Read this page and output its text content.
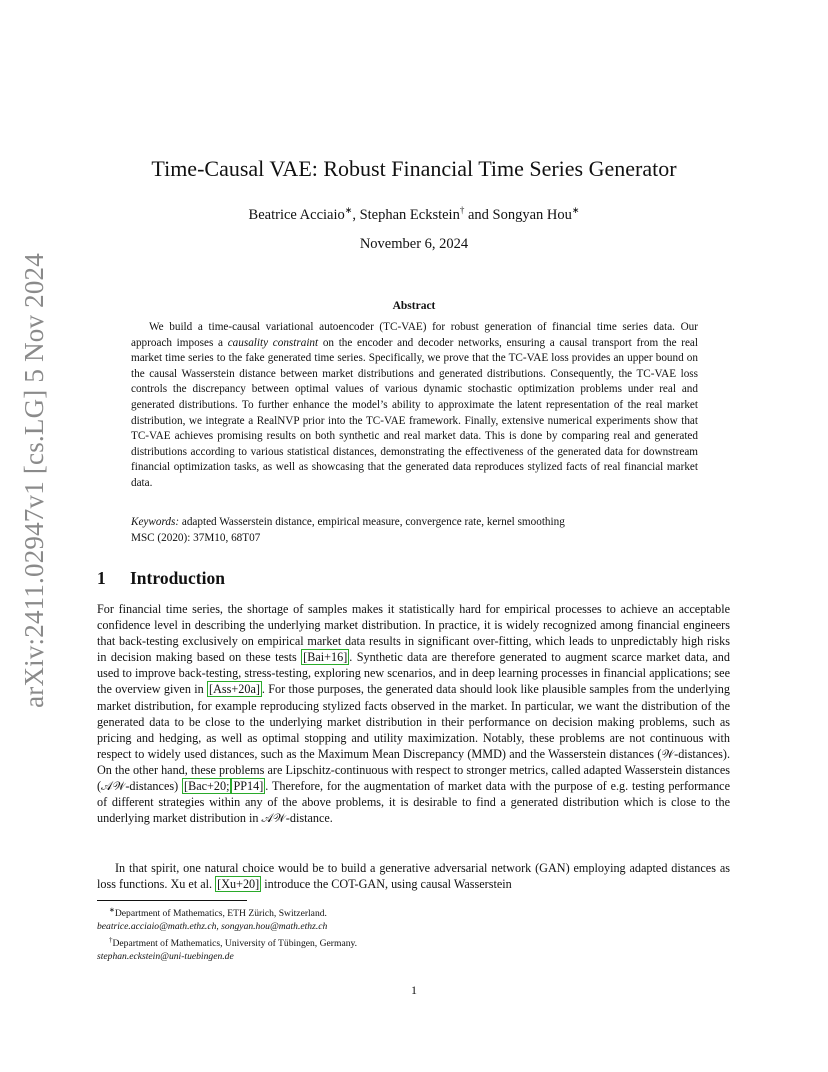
arXiv:2411.02947v1 [cs.LG] 5 Nov 2024
Time-Causal VAE: Robust Financial Time Series Generator
Beatrice Acciaio∗, Stephan Eckstein† and Songyan Hou∗
November 6, 2024
Abstract

We build a time-causal variational autoencoder (TC-VAE) for robust generation of financial time series data. Our approach imposes a causality constraint on the encoder and decoder networks, ensuring a causal transport from the real market time series to the fake generated time series. Specifically, we prove that the TC-VAE loss provides an upper bound on the causal Wasserstein distance between market distributions and generated distributions. Consequently, the TC-VAE loss controls the discrepancy between optimal values of various dynamic stochastic optimization problems under real and generated distributions. To further enhance the model’s ability to approximate the latent representation of the real market distribution, we integrate a RealNVP prior into the TC-VAE framework. Finally, extensive numerical experiments show that TC-VAE achieves promising results on both synthetic and real market data. This is done by comparing real and generated distributions according to various statistical distances, demonstrating the effectiveness of the generated data for downstream financial optimization tasks, as well as showcasing that the generated data reproduces stylized facts of real financial market data.

Keywords: adapted Wasserstein distance, empirical measure, convergence rate, kernel smoothing
MSC (2020): 37M10, 68T07
1 Introduction

For financial time series, the shortage of samples makes it statistically hard for empirical processes to achieve an acceptable confidence level in describing the underlying market distribution. In practice, it is widely recognized among financial engineers that back-testing exclusively on empirical market data results in significant over-fitting, which leads to unpredictably high risks in decision making based on these tests [Bai+16] . Synthetic data are therefore generated to augment scarce market data, and used to improve back-testing, stress-testing, exploring new scenarios, and in deep learning processes in financial applications; see the overview given in [Ass+20a] . For those purposes, the generated data should look like plausible samples from the underlying market distribution, for example reproducing stylized facts observed in the market. In particular, we want the distribution of the generated data to be close to the underlying market distribution in their performance on decision making problems, such as pricing and hedging, as well as optimal stopping and utility maximization. Notably, these problems are not continuous with respect to widely used distances, such as the Maximum Mean Discrepancy (MMD) and the Wasserstein distances (𝒲-distances). On the other hand, these problems are Lipschitz-continuous with respect to stronger metrics, called adapted Wasserstein distances (𝒜𝒲-distances) [Bac+20; PP14] . Therefore, for the augmentation of market data with the purpose of e.g. testing performance of different strategies within any of the above problems, it is desirable to find a generated distribution which is close to the underlying market distribution in 𝒜𝒲-distance.

In that spirit, one natural choice would be to build a generative adversarial network (GAN) employing adapted distances as loss functions. Xu et al. [Xu+20] introduce the COT-GAN, using causal Wasserstein

∗Department of Mathematics, ETH Zürich, Switzerland.
beatrice.acciaio@math.ethz.ch, songyan.hou@math.ethz.ch
†Department of Mathematics, University of Tübingen, Germany.
stephan.eckstein@uni-tuebingen.de
1
